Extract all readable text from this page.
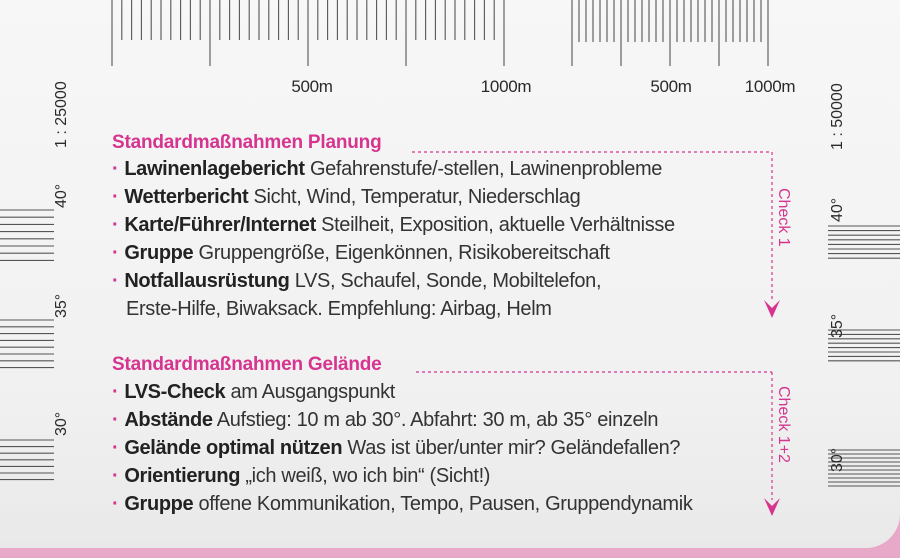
500m	1000m	500m	1000m
1 : 25000	1 : 50000
40°
35°
30°
40°
35°
30°
Standardmaßnahmen Planung
· Lawinenlagebericht Gefahrenstufe/-stellen, Lawinenprobleme
· Wetterbericht Sicht, Wind, Temperatur, Niederschlag
· Karte/Führer/Internet Steilheit, Exposition, aktuelle Verhältnisse
· Gruppe Gruppengröße, Eigenkönnen, Risikobereitschaft
· Notfallausrüstung LVS, Schaufel, Sonde, Mobiltelefon,
Erste-Hilfe, Biwaksack. Empfehlung: Airbag, Helm
Check 1
Standardmaßnahmen Gelände
· LVS-Check am Ausgangspunkt
· Abstände Aufstieg: 10 m ab 30°. Abfahrt: 30 m, ab 35° einzeln
· Gelände optimal nützen Was ist über/unter mir? Geländefallen?
· Orientierung „ich weiß, wo ich bin“ (Sicht!)
· Gruppe offene Kommunikation, Tempo, Pausen, Gruppendynamik
Check 1+2
